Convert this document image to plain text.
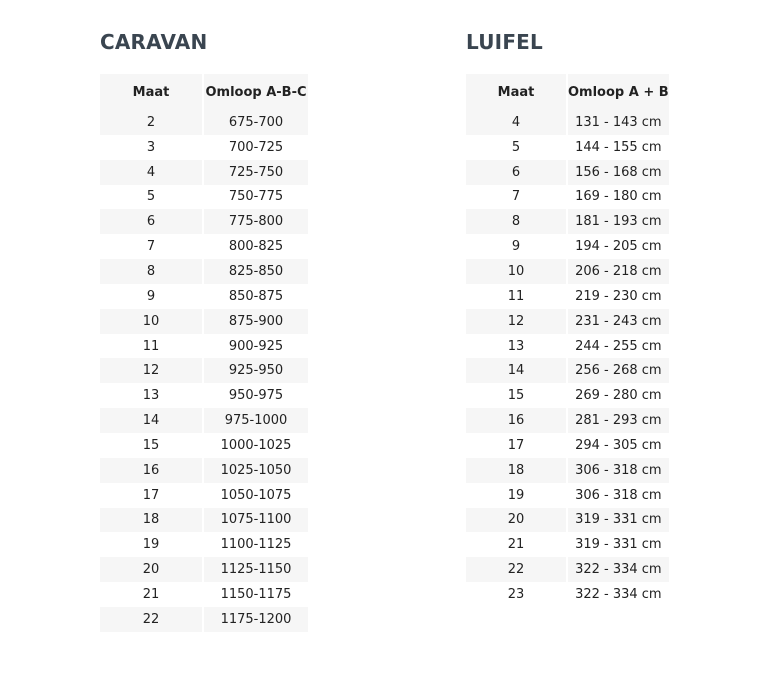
CARAVAN
Maat	Omloop A-B-C
2	675-700
3	700-725
4	725-750
5	750-775
6	775-800
7	800-825
8	825-850
9	850-875
10	875-900
11	900-925
12	925-950
13	950-975
14	975-1000
15	1000-1025
16	1025-1050
17	1050-1075
18	1075-1100
19	1100-1125
20	1125-1150
21	1150-1175
22	1175-1200
LUIFEL
Maat	Omloop A + B
4	131 - 143 cm
5	144 - 155 cm
6	156 - 168 cm
7	169 - 180 cm
8	181 - 193 cm
9	194 - 205 cm
10	206 - 218 cm
11	219 - 230 cm
12	231 - 243 cm
13	244 - 255 cm
14	256 - 268 cm
15	269 - 280 cm
16	281 - 293 cm
17	294 - 305 cm
18	306 - 318 cm
19	306 - 318 cm
20	319 - 331 cm
21	319 - 331 cm
22	322 - 334 cm
23	322 - 334 cm
